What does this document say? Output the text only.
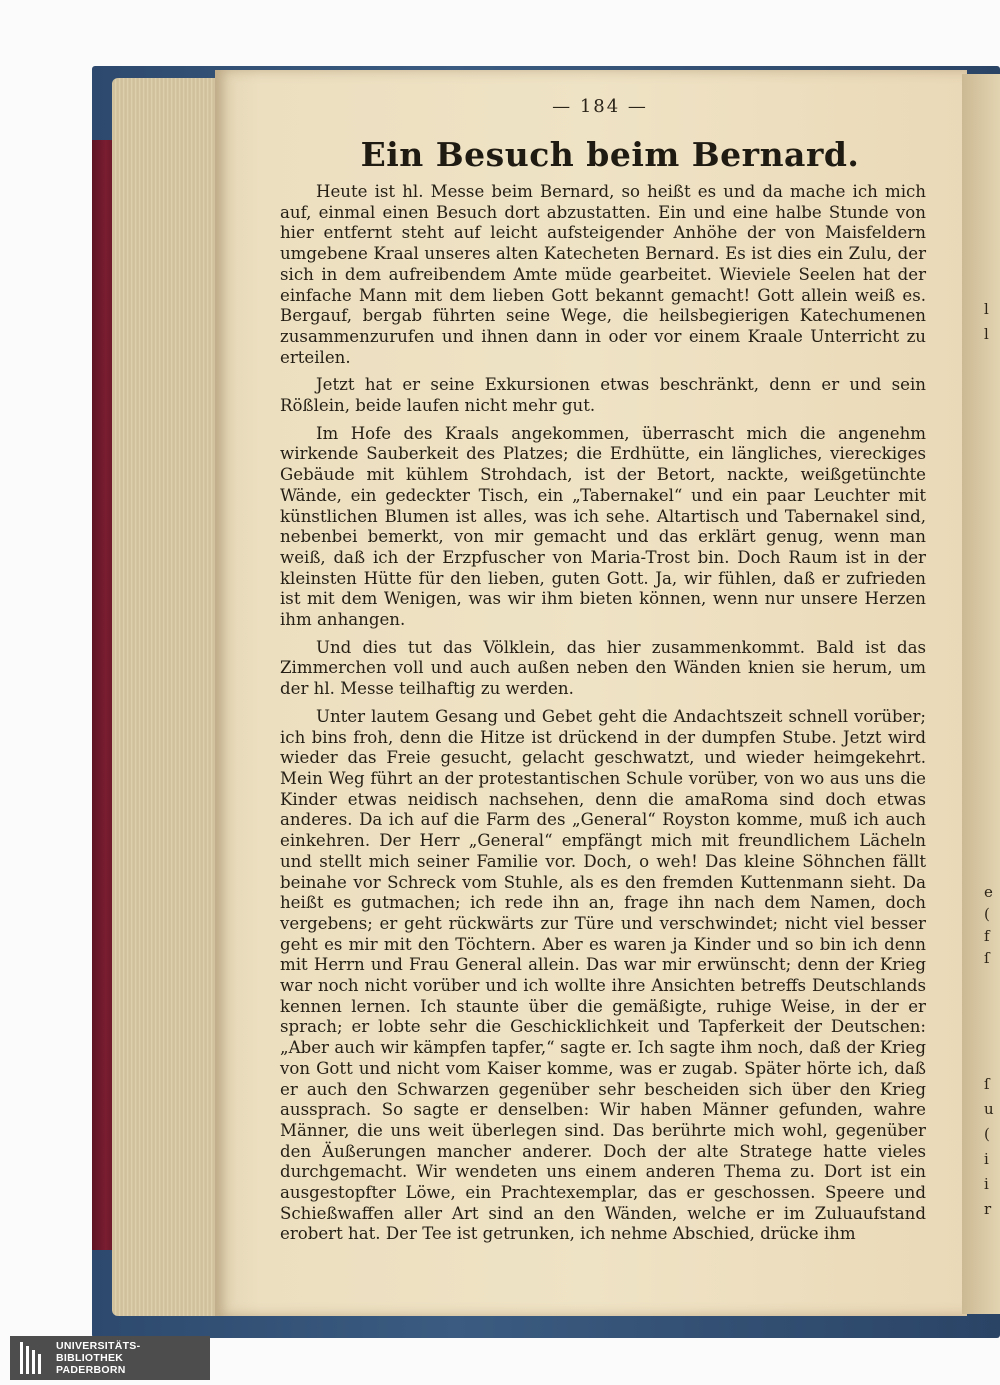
l
l
e
(
f
ſ
ſ
u
(
i
i
r
— 184 —
Ein Besuch beim Bernard.

Heute ist hl. Messe beim Bernard, so heißt es und da mache ich mich auf, einmal einen Besuch dort abzustatten. Ein und eine halbe Stunde von hier entfernt steht auf leicht aufsteigender Anhöhe der von Maisfeldern umgebene Kraal unseres alten Katecheten Bernard. Es ist dies ein Zulu, der sich in dem aufreibendem Amte müde gearbeitet. Wieviele Seelen hat der einfache Mann mit dem lieben Gott bekannt gemacht! Gott allein weiß es. Bergauf, bergab führten seine Wege, die heilsbegierigen Katechumenen zusammenzurufen und ihnen dann in oder vor einem Kraale Unterricht zu erteilen.

Jetzt hat er seine Exkursionen etwas beschränkt, denn er und sein Rößlein, beide laufen nicht mehr gut.

Im Hofe des Kraals angekommen, überrascht mich die angenehm wirkende Sauberkeit des Platzes; die Erdhütte, ein längliches, viereckiges Gebäude mit kühlem Strohdach, ist der Betort, nackte, weißgetünchte Wände, ein gedeckter Tisch, ein „Tabernakel“ und ein paar Leuchter mit künstlichen Blumen ist alles, was ich sehe. Altartisch und Tabernakel sind, nebenbei bemerkt, von mir gemacht und das erklärt genug, wenn man weiß, daß ich der Erzpfuscher von Maria-Trost bin. Doch Raum ist in der kleinsten Hütte für den lieben, guten Gott. Ja, wir fühlen, daß er zufrieden ist mit dem Wenigen, was wir ihm bieten können, wenn nur unsere Herzen ihm anhangen.

Und dies tut das Völklein, das hier zusammenkommt. Bald ist das Zimmerchen voll und auch außen neben den Wänden knien sie herum, um der hl. Messe teilhaftig zu werden.

Unter lautem Gesang und Gebet geht die Andachtszeit schnell vorüber; ich bins froh, denn die Hitze ist drückend in der dumpfen Stube. Jetzt wird wieder das Freie gesucht, gelacht geschwatzt, und wieder heimgekehrt. Mein Weg führt an der protestantischen Schule vorüber, von wo aus uns die Kinder etwas neidisch nachsehen, denn die amaRoma sind doch etwas anderes. Da ich auf die Farm des „General“ Royston komme, muß ich auch einkehren. Der Herr „General“ empfängt mich mit freundlichem Lächeln und stellt mich seiner Familie vor. Doch, o weh! Das kleine Söhnchen fällt beinahe vor Schreck vom Stuhle, als es den fremden Kuttenmann sieht. Da heißt es gutmachen; ich rede ihn an, frage ihn nach dem Namen, doch vergebens; er geht rückwärts zur Türe und verschwindet; nicht viel besser geht es mir mit den Töchtern. Aber es waren ja Kinder und so bin ich denn mit Herrn und Frau General allein. Das war mir erwünscht; denn der Krieg war noch nicht vorüber und ich wollte ihre Ansichten betreffs Deutschlands kennen lernen. Ich staunte über die gemäßigte, ruhige Weise, in der er sprach; er lobte sehr die Geschicklichkeit und Tapferkeit der Deutschen: „Aber auch wir kämpfen tapfer,“ sagte er. Ich sagte ihm noch, daß der Krieg von Gott und nicht vom Kaiser komme, was er zugab. Später hörte ich, daß er auch den Schwarzen gegenüber sehr bescheiden sich über den Krieg aussprach. So sagte er denselben: Wir haben Männer gefunden, wahre Männer, die uns weit überlegen sind. Das berührte mich wohl, gegenüber den Äußerungen mancher anderer. Doch der alte Stratege hatte vieles durchgemacht. Wir wendeten uns einem anderen Thema zu. Dort ist ein ausgestopfter Löwe, ein Prachtexemplar, das er geschossen. Speere und Schießwaffen aller Art sind an den Wänden, welche er im Zuluaufstand erobert hat. Der Tee ist getrunken, ich nehme Abschied, drücke ihm

UNIVERSITÄTS-
BIBLIOTHEK
PADERBORN
